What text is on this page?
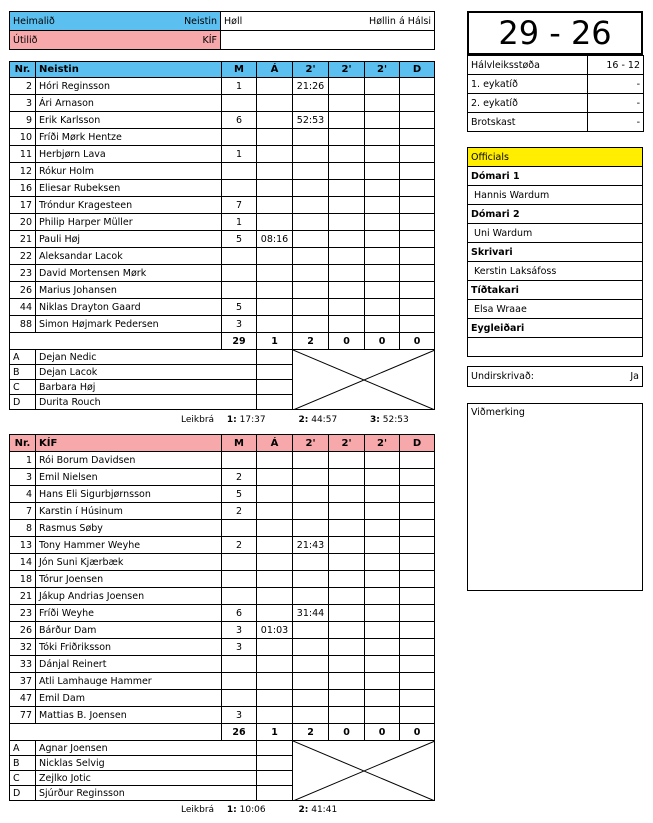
Heimalið Neistin	Høll Høllin á Hálsi

Útilið KÍF	

Nr.	Neistin	M	Á	2'	2'	2'	D
2	Hóri Reginsson	1		21:26			
3	Ári Arnason						
9	Erik Karlsson	6		52:53			
10	Fríði Mørk Hentze						
11	Herbjørn Lava	1					
12	Rókur Holm						
16	Eliesar Rubeksen						
17	Tróndur Kragesteen	7					
20	Philip Harper Müller	1					
21	Pauli Høj	5	08:16				
22	Aleksandar Lacok						
23	David Mortensen Mørk						
26	Marius Johansen						
44	Niklas Drayton Gaard	5					
88	Simon Højmark Pedersen	3					
		29	1	2	0	0	0
A	Dejan Nedic		

B	Dejan Lacok						
C	Barbara Høj						
D	Durita Rouch						
Leikbrá 1: 17:37	2: 44:57	3: 52:53
Nr.	KÍF	M	Á	2'	2'	2'	D
1	Rói Borum Davidsen						
3	Emil Nielsen	2					
4	Hans Eli Sigurbjørnsson	5					
7	Karstin í Húsinum	2					
8	Rasmus Søby						
13	Tony Hammer Weyhe	2		21:43			
14	Jón Suni Kjærbæk						
18	Tórur Joensen						
21	Jákup Andrias Joensen						
23	Fríði Weyhe	6		31:44			
26	Bárður Dam	3	01:03				
32	Tóki Friðriksson	3					
33	Dánjal Reinert						
37	Atli Lamhauge Hammer						
47	Emil Dam						
77	Mattias B. Joensen	3					
		26	1	2	0	0	0
A	Agnar Joensen		

B	Nicklas Selvig						
C	Zejlko Jotic						
D	Sjúrður Reginsson						
Leikbrá 1: 10:06	2: 41:41
29 - 26
Hálvleiksstøða	16 - 12
1. eykatíð	-
2. eykatíð	-
Brotskast	-
Officials
Dómari 1
Hannis Wardum
Dómari 2
Uni Wardum
Skrivari
Kerstin Laksáfoss
Tíðtakari
Elsa Wraae
Eygleiðari

Undirskrivað:	Ja
Viðmerking
